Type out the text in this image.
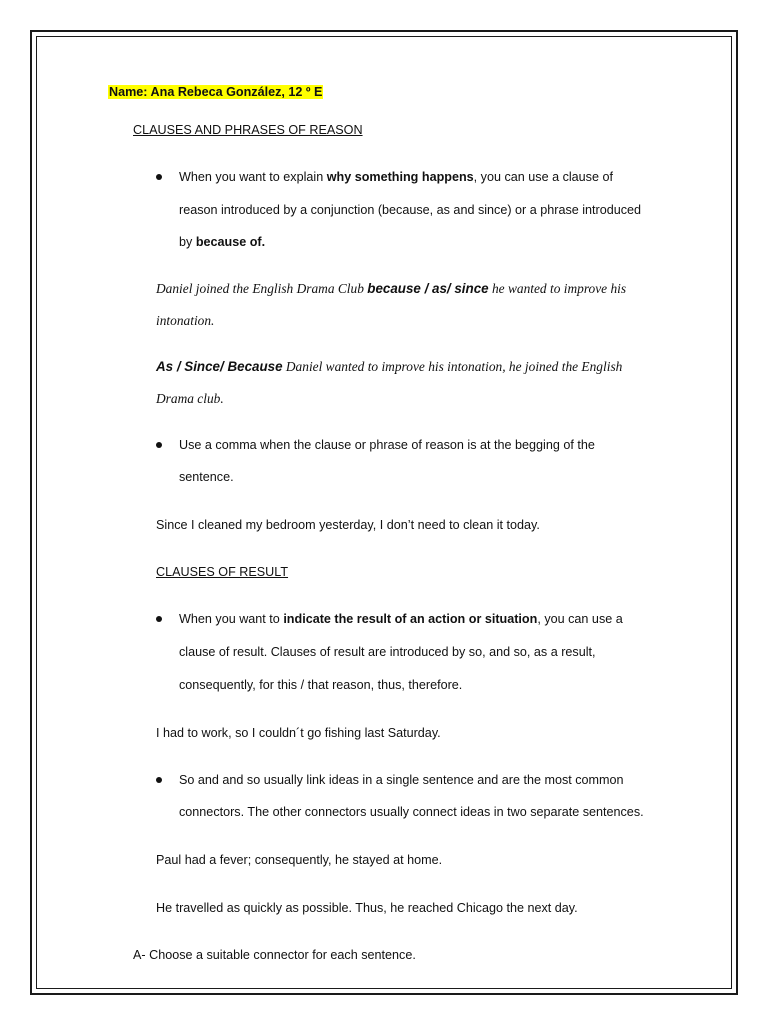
Name: Ana Rebeca González, 12 º E
CLAUSES AND PHRASES OF REASON
When you want to explain why something happens, you can use a clause of
reason introduced by a conjunction (because, as and since) or a phrase introduced
by because of.
Daniel joined the English Drama Club because / as/ since he wanted to improve his
intonation.
As / Since/ Because Daniel wanted to improve his intonation, he joined the English
Drama club.
Use a comma when the clause or phrase of reason is at the begging of the
sentence.
Since I cleaned my bedroom yesterday, I don’t need to clean it today.
CLAUSES OF RESULT
When you want to indicate the result of an action or situation, you can use a
clause of result. Clauses of result are introduced by so, and so, as a result,
consequently, for this / that reason, thus, therefore.
I had to work, so I couldn´t go fishing last Saturday.
So and and so usually link ideas in a single sentence and are the most common
connectors. The other connectors usually connect ideas in two separate sentences.
Paul had a fever; consequently, he stayed at home.
He travelled as quickly as possible. Thus, he reached Chicago the next day.
A- Choose a suitable connector for each sentence.
